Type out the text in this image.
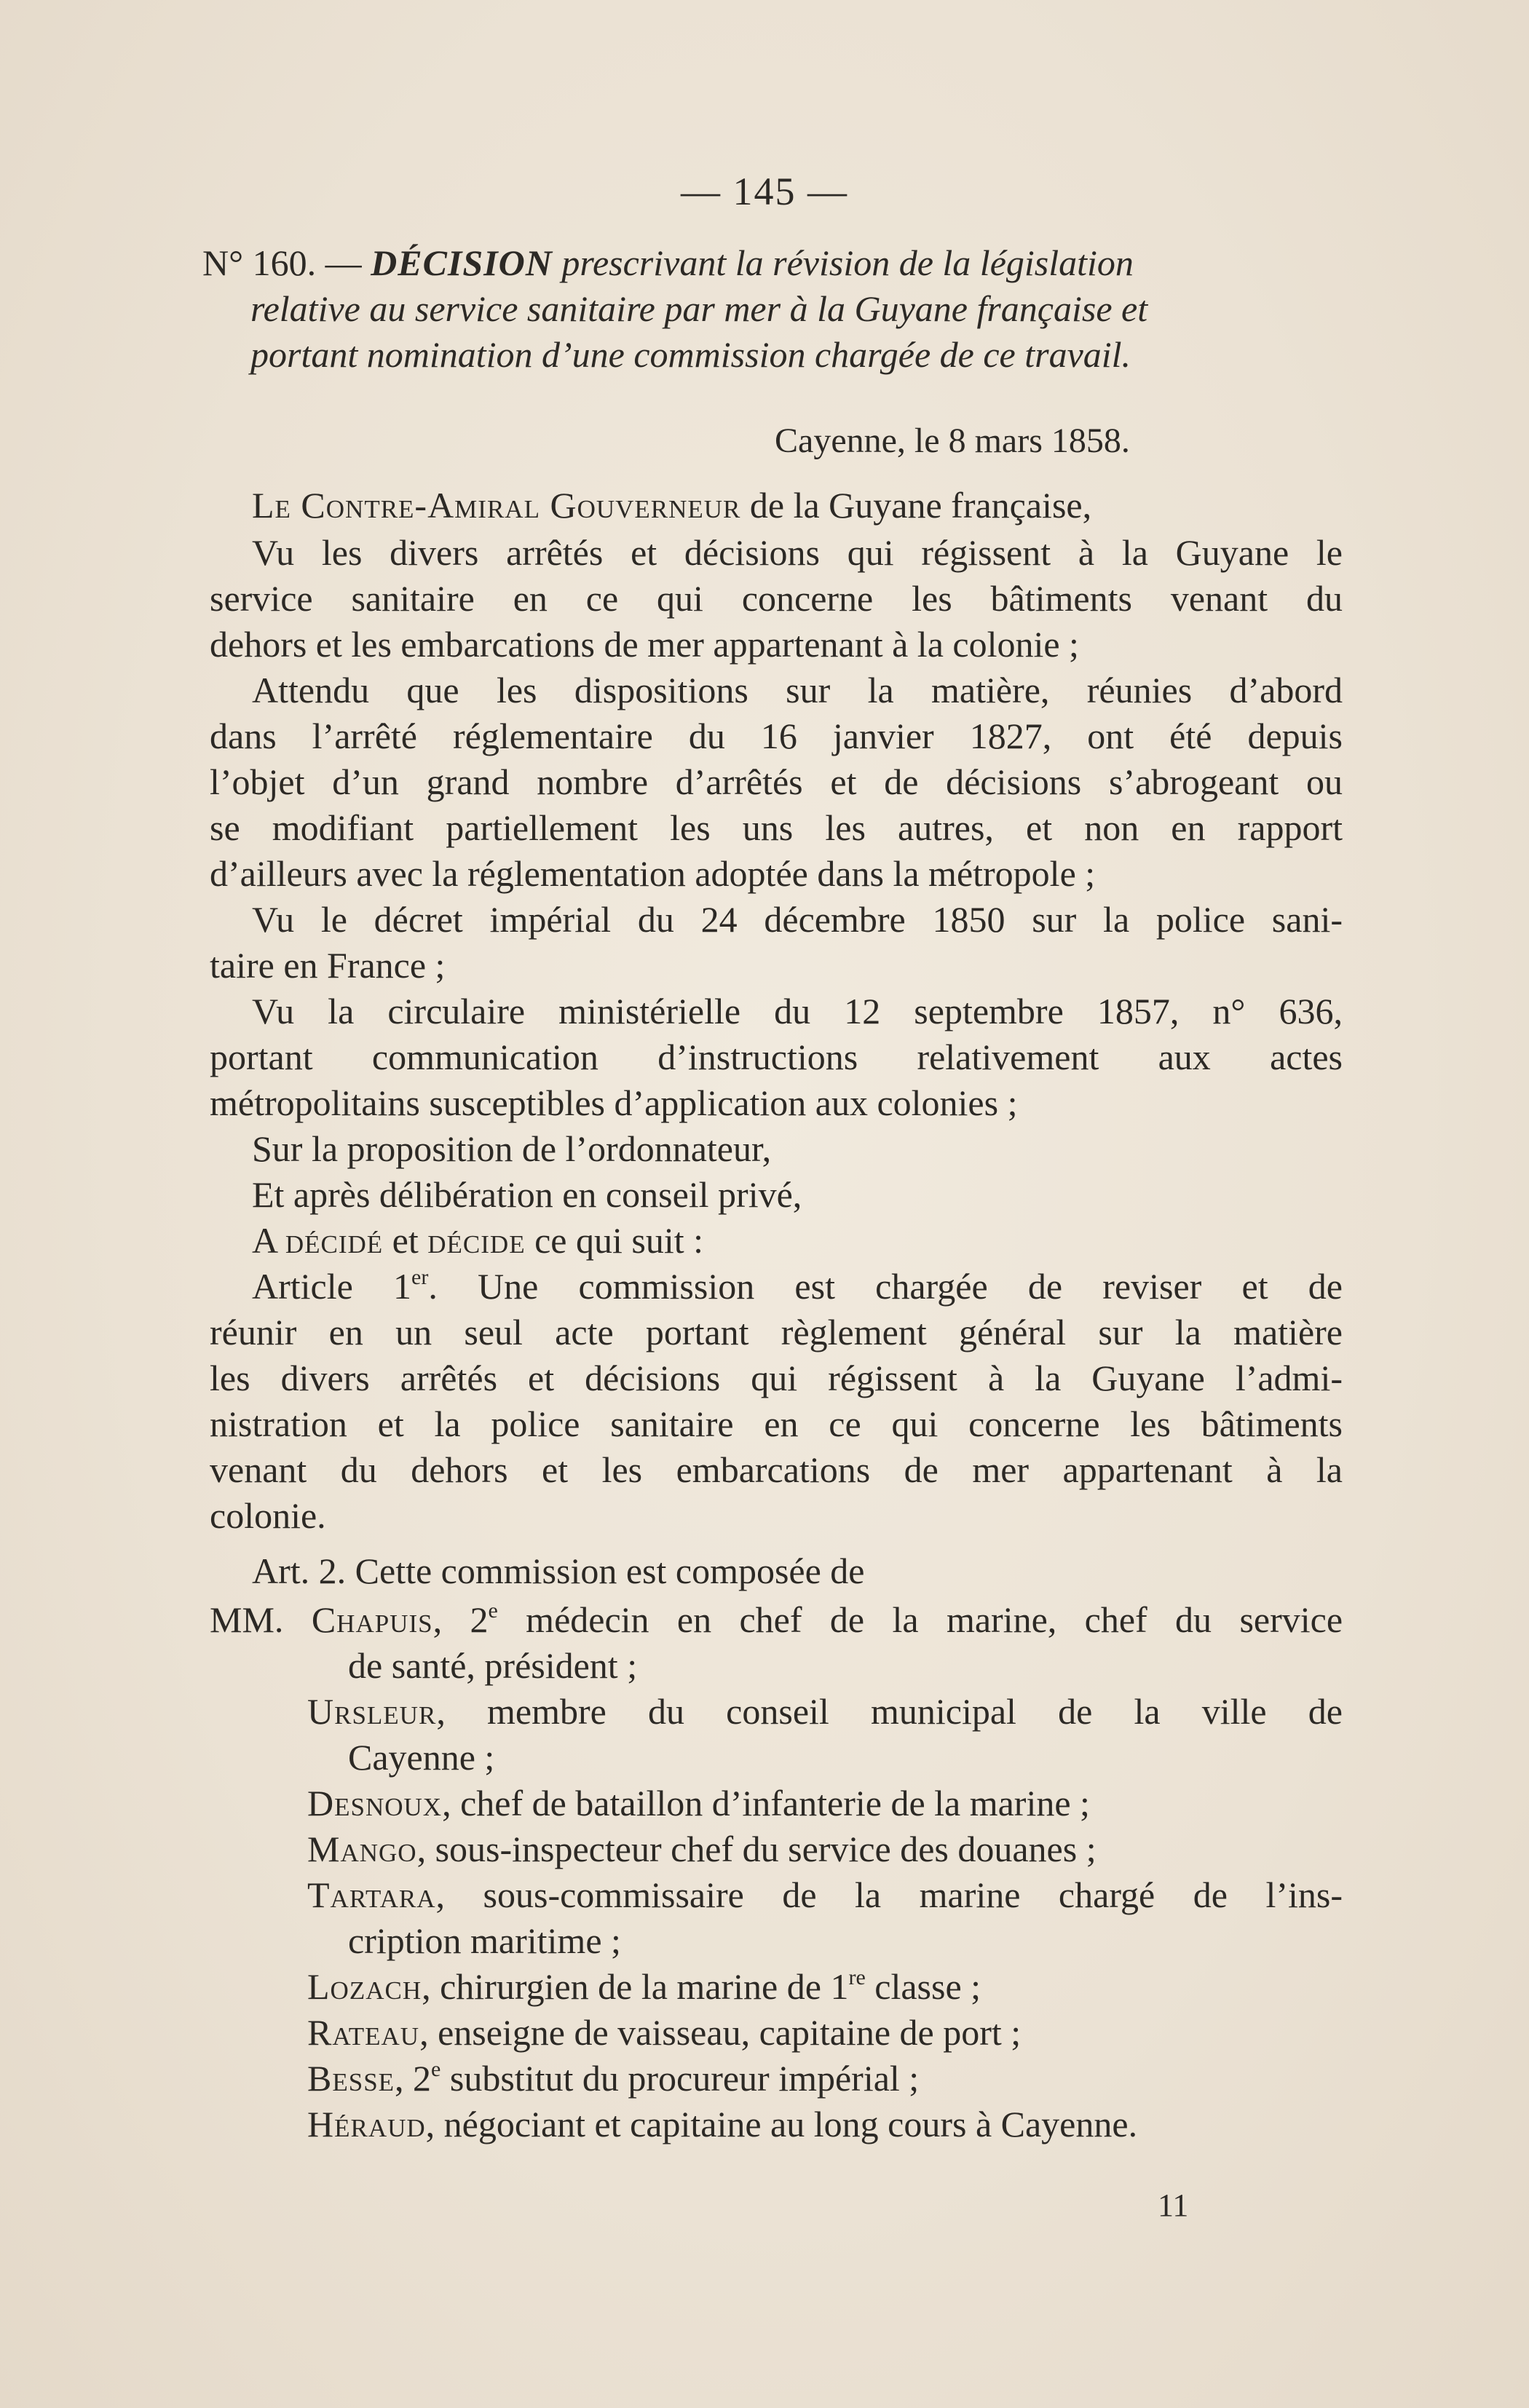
— 145 —
N° 160. — DÉCISION prescrivant la révision de la législation
relative au service sanitaire par mer à la Guyane française et
portant nomination d’une commission chargée de ce travail.
Cayenne, le 8 mars 1858.
Le Contre-Amiral Gouverneur de la Guyane française,
Vu les divers arrêtés et décisions qui régissent à la Guyane le
service sanitaire en ce qui concerne les bâtiments venant du
dehors et les embarcations de mer appartenant à la colonie ;
Attendu que les dispositions sur la matière, réunies d’abord
dans l’arrêté réglementaire du 16 janvier 1827, ont été depuis
l’objet d’un grand nombre d’arrêtés et de décisions s’abrogeant ou
se modifiant partiellement les uns les autres, et non en rapport
d’ailleurs avec la réglementation adoptée dans la métropole ;
Vu le décret impérial du 24 décembre 1850 sur la police sani-
taire en France ;
Vu la circulaire ministérielle du 12 septembre 1857, n° 636,
portant communication d’instructions relativement aux actes
métropolitains susceptibles d’application aux colonies ;
Sur la proposition de l’ordonnateur,
Et après délibération en conseil privé,
A décidé et décide ce qui suit :
Article 1er. Une commission est chargée de reviser et de
réunir en un seul acte portant règlement général sur la matière
les divers arrêtés et décisions qui régissent à la Guyane l’admi-
nistration et la police sanitaire en ce qui concerne les bâtiments
venant du dehors et les embarcations de mer appartenant à la
colonie.
Art. 2. Cette commission est composée de
MM. Chapuis, 2e médecin en chef de la marine, chef du service
de santé, président ;
Ursleur, membre du conseil municipal de la ville de
Cayenne ;
Desnoux, chef de bataillon d’infanterie de la marine ;
Mango, sous-inspecteur chef du service des douanes ;
Tartara, sous-commissaire de la marine chargé de l’ins-
cription maritime ;
Lozach, chirurgien de la marine de 1re classe ;
Rateau, enseigne de vaisseau, capitaine de port ;
Besse, 2e substitut du procureur impérial ;
Héraud, négociant et capitaine au long cours à Cayenne.
11
